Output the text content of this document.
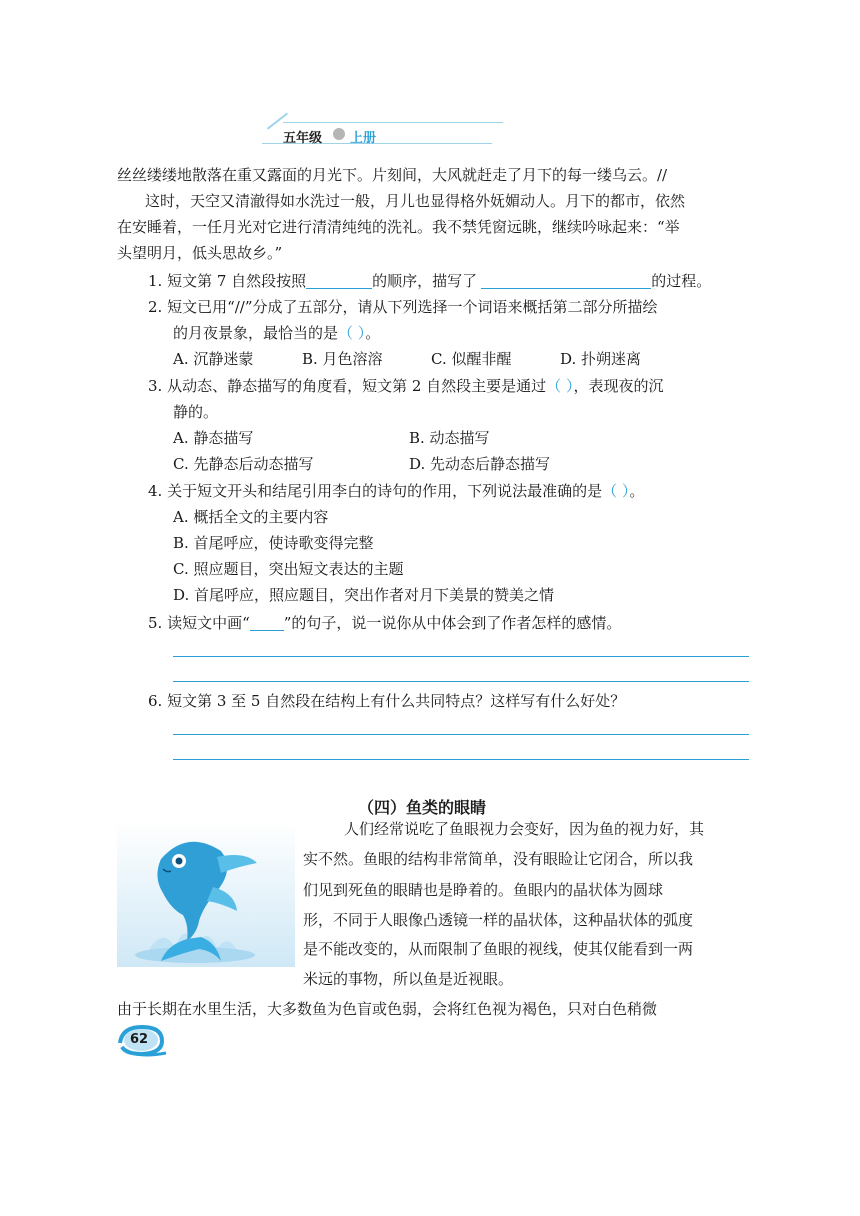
五年级 上册
丝丝缕缕地散落在重又露面的月光下。片刻间，大风就赶走了月下的每一缕乌云。//
这时，天空又清澈得如水洗过一般，月儿也显得格外妩媚动人。月下的都市，依然
在安睡着，一任月光对它进行清清纯纯的洗礼。我不禁凭窗远眺，继续吟咏起来：“举
头望明月，低头思故乡。”
1. 短文第 7 自然段按照	的顺序，描写了	的过程。
2. 短文已用“//”分成了五部分，请从下列选择一个词语来概括第二部分所描绘
的月夜景象，最恰当的是（ ）。
A. 沉静迷蒙	B. 月色溶溶	C. 似醒非醒	D. 扑朔迷离
3. 从动态、静态描写的角度看，短文第 2 自然段主要是通过（ ），表现夜的沉
静的。
A. 静态描写	B. 动态描写
C. 先静态后动态描写	D. 先动态后静态描写
4. 关于短文开头和结尾引用李白的诗句的作用，下列说法最准确的是（ ）。
A. 概括全文的主要内容
B. 首尾呼应，使诗歌变得完整
C. 照应题目，突出短文表达的主题
D. 首尾呼应，照应题目，突出作者对月下美景的赞美之情
5. 读短文中画“ ”的句子，说一说你从中体会到了作者怎样的感情。
6. 短文第 3 至 5 自然段在结构上有什么共同特点？这样写有什么好处？
（四）鱼类的眼睛
人们经常说吃了鱼眼视力会变好，因为鱼的视力好，其
实不然。鱼眼的结构非常简单，没有眼睑让它闭合，所以我
们见到死鱼的眼睛也是睁着的。鱼眼内的晶状体为圆球
形，不同于人眼像凸透镜一样的晶状体，这种晶状体的弧度
是不能改变的，从而限制了鱼眼的视线，使其仅能看到一两
米远的事物，所以鱼是近视眼。
由于长期在水里生活，大多数鱼为色盲或色弱，会将红色视为褐色，只对白色稍微
62
